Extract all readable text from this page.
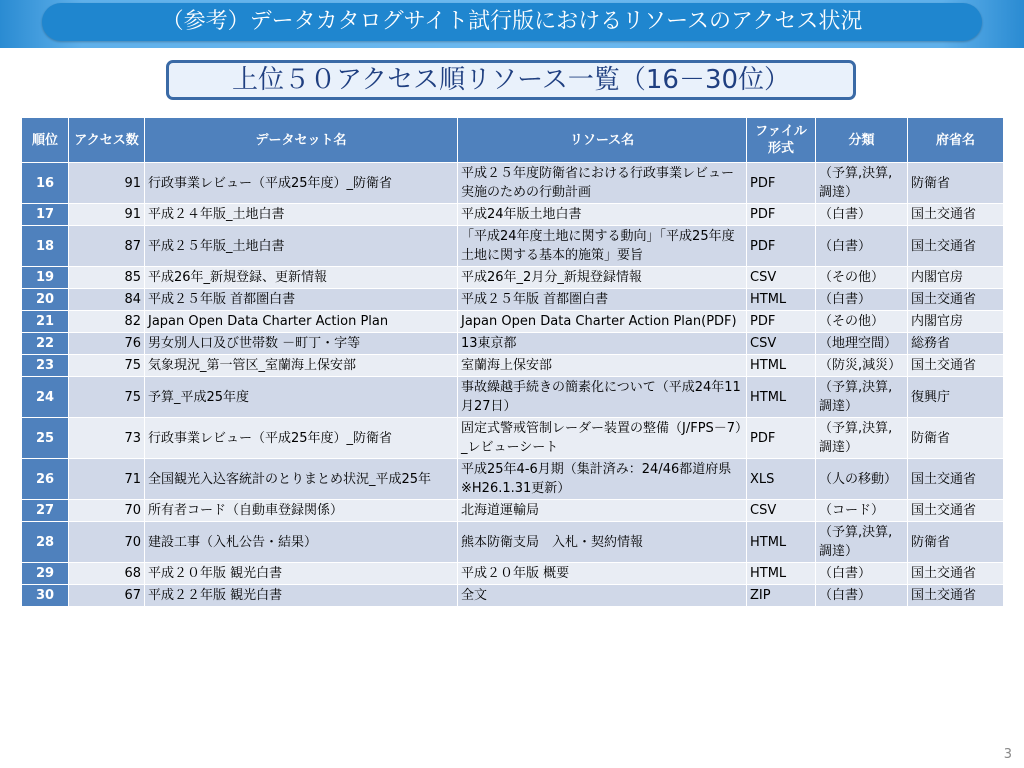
（参考）データカタログサイト試行版におけるリソースのアクセス状況
上位５０アクセス順リソース一覧（16－30位）
順位	アクセス数	データセット名	リソース名	ファイル形式	分類	府省名
16	91	行政事業レビュー（平成25年度）_防衛省	平成２５年度防衛省における行政事業レビュー実施のための行動計画	PDF	（予算,決算,調達）	防衛省
17	91	平成２４年版_土地白書	平成24年版土地白書	PDF	（白書）	国土交通省
18	87	平成２５年版_土地白書	「平成24年度土地に関する動向」「平成25年度土地に関する基本的施策」要旨	PDF	（白書）	国土交通省
19	85	平成26年_新規登録、更新情報	平成26年_2月分_新規登録情報	CSV	（その他）	内閣官房
20	84	平成２５年版 首都圏白書	平成２５年版 首都圏白書	HTML	（白書）	国土交通省
21	82	Japan Open Data Charter Action Plan	Japan Open Data Charter Action Plan(PDF)	PDF	（その他）	内閣官房
22	76	男女別人口及び世帯数 －町丁・字等	13東京都	CSV	（地理空間）	総務省
23	75	気象現況_第一管区_室蘭海上保安部	室蘭海上保安部	HTML	（防災,減災）	国土交通省
24	75	予算_平成25年度	事故繰越手続きの簡素化について（平成24年11月27日）	HTML	（予算,決算,調達）	復興庁
25	73	行政事業レビュー（平成25年度）_防衛省	固定式警戒管制レーダー装置の整備（J/FPS－7）_レビューシート	PDF	（予算,決算,調達）	防衛省
26	71	全国観光入込客統計のとりまとめ状況_平成25年	平成25年4-6月期（集計済み：24/46都道府県 ※H26.1.31更新）	XLS	（人の移動）	国土交通省
27	70	所有者コード（自動車登録関係）	北海道運輸局	CSV	（コード）	国土交通省
28	70	建設工事（入札公告・結果）	熊本防衛支局　入札・契約情報	HTML	（予算,決算,調達）	防衛省
29	68	平成２０年版 観光白書	平成２０年版 概要	HTML	（白書）	国土交通省
30	67	平成２２年版 観光白書	全文	ZIP	（白書）	国土交通省
3
